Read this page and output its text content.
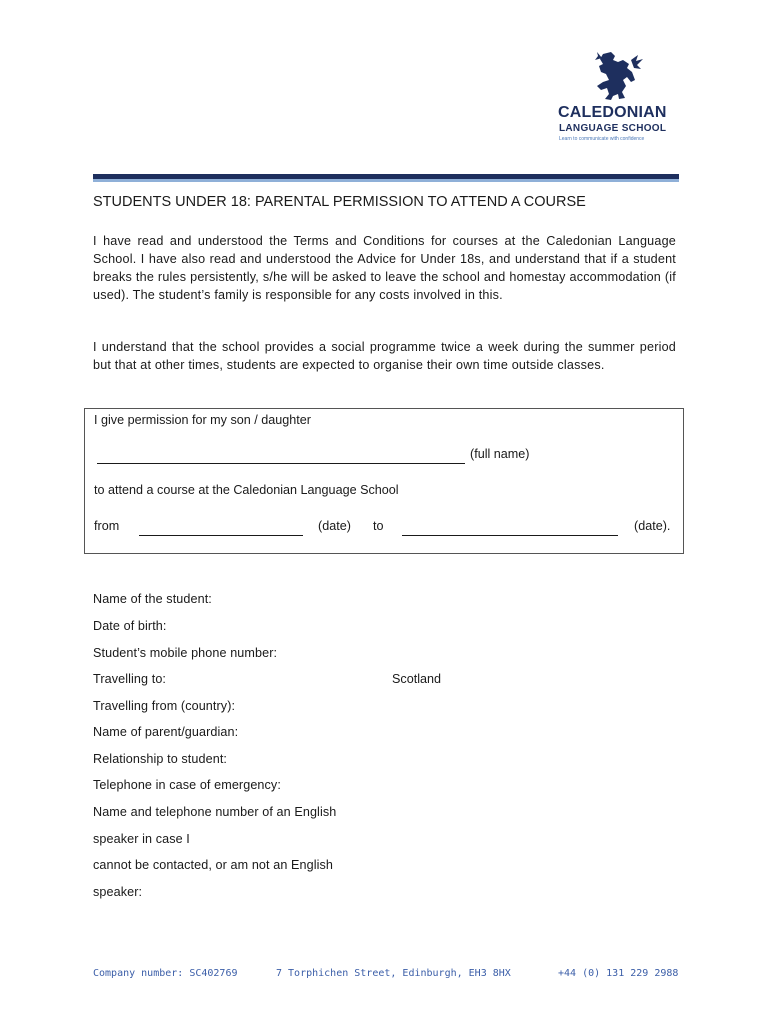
CALEDONIAN
LANGUAGE SCHOOL
Learn to communicate with confidence
STUDENTS UNDER 18: PARENTAL PERMISSION TO ATTEND A COURSE
I have read and understood the Terms and Conditions for courses at the Caledonian Language School. I have also read and understood the Advice for Under 18s, and understand that if a student breaks the rules persistently, s/he will be asked to leave the school and homestay accommodation (if used). The student’s family is responsible for any costs involved in this.
I understand that the school provides a social programme twice a week during the summer period but that at other times, students are expected to organise their own time outside classes.
I give permission for my son / daughter
(full name)
to attend a course at the Caledonian Language School
from	(date) to	(date).
Name of the student:
Date of birth:
Student’s mobile phone number:
Travelling to:	Scotland
Travelling from (country):
Name of parent/guardian:
Relationship to student:
Telephone in case of emergency:
Name and telephone number of an English
speaker in case I
cannot be contacted, or am not an English
speaker:
Company number: SC402769	7 Torphichen Street, Edinburgh, EH3 8HX	+44 (0) 131 229 2988
